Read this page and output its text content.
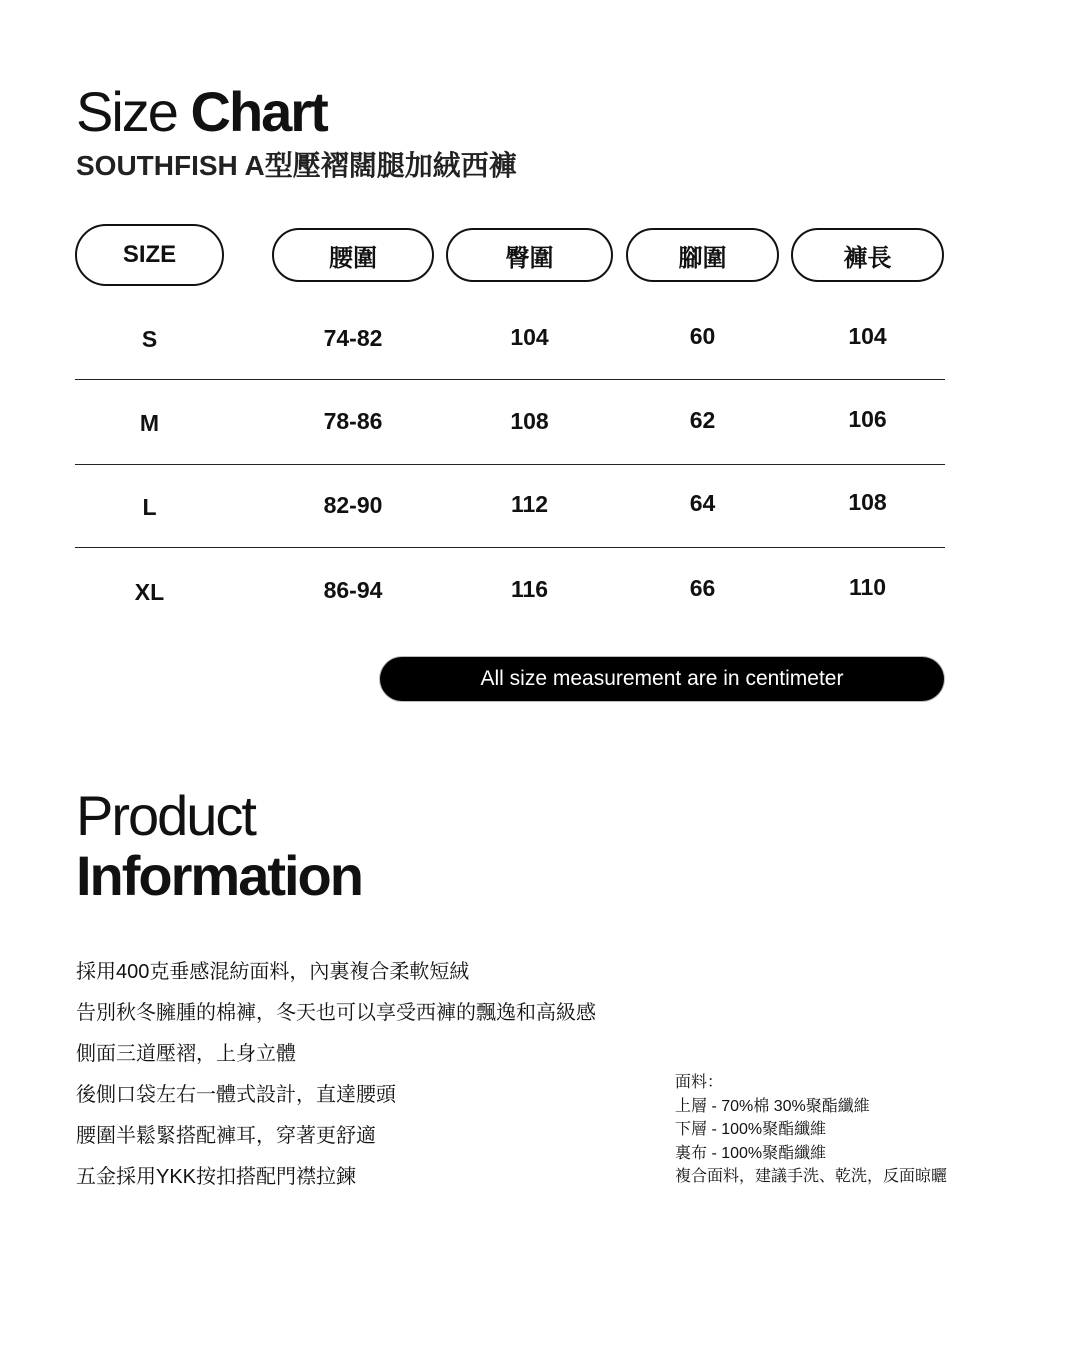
Size Chart
SOUTHFISH A型壓褶闊腿加絨西褲
SIZE	腰圍	臀圍	腳圍	褲長
S	74-82	104	60	104
M	78-86	108	62	106
L	82-90	112	64	108
XL	86-94	116	66	110
All size measurement are in centimeter
Product
Information
採用400克垂感混紡面料，內裏複合柔軟短絨
告別秋冬臃腫的棉褲，冬天也可以享受西褲的飄逸和高級感
側面三道壓褶，上身立體
後側口袋左右一體式設計，直達腰頭
腰圍半鬆緊搭配褲耳，穿著更舒適
五金採用YKK按扣搭配門襟拉鍊
面料：
上層 - 70%棉 30%聚酯纖維
下層 - 100%聚酯纖維
裏布 - 100%聚酯纖維
複合面料，建議手洗、乾洗，反面晾曬
